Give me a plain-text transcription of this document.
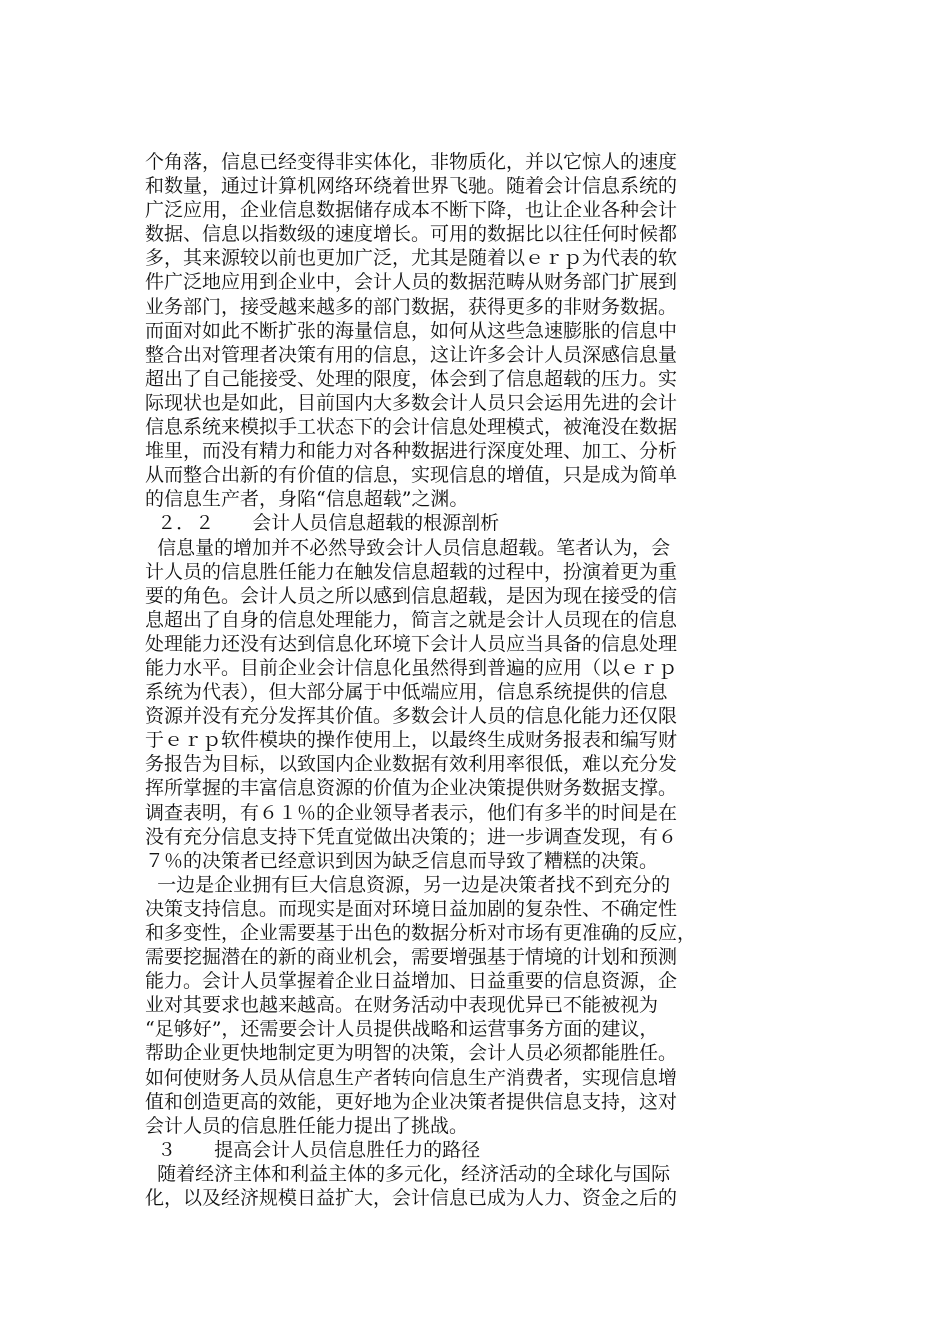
个角落，信息已经变得非实体化，非物质化，并以它惊人的速度
和数量，通过计算机网络环绕着世界飞驰。随着会计信息系统的
广泛应用，企业信息数据储存成本不断下降，也让企业各种会计
数据、信息以指数级的速度增长。可用的数据比以往任何时候都
多，其来源较以前也更加广泛，尤其是随着以ｅｒｐ为代表的软
件广泛地应用到企业中，会计人员的数据范畴从财务部门扩展到
业务部门，接受越来越多的部门数据，获得更多的非财务数据。
而面对如此不断扩张的海量信息，如何从这些急速膨胀的信息中
整合出对管理者决策有用的信息，这让许多会计人员深感信息量
超出了自己能接受、处理的限度，体会到了信息超载的压力。实
际现状也是如此，目前国内大多数会计人员只会运用先进的会计
信息系统来模拟手工状态下的会计信息处理模式，被淹没在数据
堆里，而没有精力和能力对各种数据进行深度处理、加工、分析
从而整合出新的有价值的信息，实现信息的增值，只是成为简单
的信息生产者，身陷“信息超载”之渊。
２．２　　会计人员信息超载的根源剖析
信息量的增加并不必然导致会计人员信息超载。笔者认为，会
计人员的信息胜任能力在触发信息超载的过程中，扮演着更为重
要的角色。会计人员之所以感到信息超载，是因为现在接受的信
息超出了自身的信息处理能力，简言之就是会计人员现在的信息
处理能力还没有达到信息化环境下会计人员应当具备的信息处理
能力水平。目前企业会计信息化虽然得到普遍的应用（以ｅｒｐ
系统为代表），但大部分属于中低端应用，信息系统提供的信息
资源并没有充分发挥其价值。多数会计人员的信息化能力还仅限
于ｅｒｐ软件模块的操作使用上，以最终生成财务报表和编写财
务报告为目标，以致国内企业数据有效利用率很低，难以充分发
挥所掌握的丰富信息资源的价值为企业决策提供财务数据支撑。
调查表明，有６１％的企业领导者表示，他们有多半的时间是在
没有充分信息支持下凭直觉做出决策的；进一步调查发现，有６
７％的决策者已经意识到因为缺乏信息而导致了糟糕的决策。
一边是企业拥有巨大信息资源，另一边是决策者找不到充分的
决策支持信息。而现实是面对环境日益加剧的复杂性、不确定性
和多变性，企业需要基于出色的数据分析对市场有更准确的反应，
需要挖掘潜在的新的商业机会，需要增强基于情境的计划和预测
能力。会计人员掌握着企业日益增加、日益重要的信息资源，企
业对其要求也越来越高。在财务活动中表现优异已不能被视为
“足够好”，还需要会计人员提供战略和运营事务方面的建议，
帮助企业更快地制定更为明智的决策，会计人员必须都能胜任。
如何使财务人员从信息生产者转向信息生产消费者，实现信息增
值和创造更高的效能，更好地为企业决策者提供信息支持，这对
会计人员的信息胜任能力提出了挑战。
３　　提高会计人员信息胜任力的路径
随着经济主体和利益主体的多元化，经济活动的全球化与国际
化，以及经济规模日益扩大，会计信息已成为人力、资金之后的
